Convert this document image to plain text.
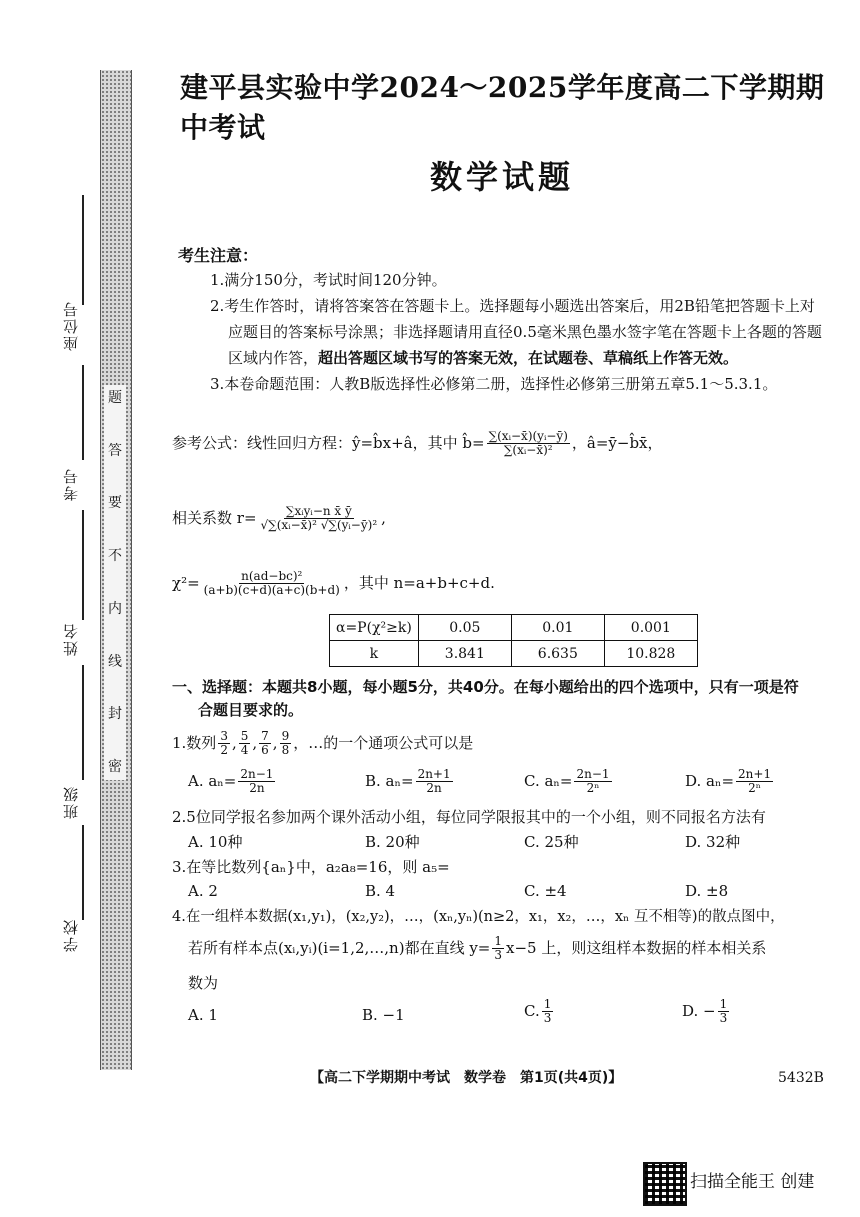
座位号
考号
姓名
班级
学校
题
答
要
不
内
线
封
密
建平县实验中学2024～2025学年度高二下学期期中考试
数学试题
考生注意：
1.满分150分，考试时间120分钟。
2.考生作答时，请将答案答在答题卡上。选择题每小题选出答案后，用2B铅笔把答题卡上对
应题目的答案标号涂黑；非选择题请用直径0.5毫米黑色墨水签字笔在答题卡上各题的答题
区域内作答，超出答题区域书写的答案无效，在试题卷、草稿纸上作答无效。
3.本卷命题范围：人教B版选择性必修第二册，选择性必修第三册第五章5.1～5.3.1。
参考公式：线性回归方程：ŷ=b̂x+â，其中 b̂= $\frac{\text{∑(xᵢ−x̄)(yᵢ−ȳ)}}{\text{∑(xᵢ−x̄)²}}$ ，â=ȳ−b̂x̄，
相关系数 $r= \frac{\text{∑xᵢyᵢ−n x̄ ȳ}}{\text{√∑(xᵢ−x̄)² √∑(yᵢ−ȳ)²}}$ ,
$\chi^2= \frac{\text{n(ad−bc)²}}{(a+b)(c+d)(a+c)(b+d)}$ ，其中 n=a+b+c+d.
α=P(χ²≥k)	0.05	0.01	0.001
k	3.841	6.635	10.828
一、选择题：本题共8小题，每小题5分，共40分。在每小题给出的四个选项中，只有一项是符
合题目要求的。
1.数列 $\frac{3}{2}$ , $\frac{5}{4}$ , $\frac{7}{6}$ , $\frac{9}{8}$ ，…的一个通项公式可以是
A. $a_n= \frac{2n-1}{2n}$	B. $a_n= \frac{2n+1}{2n}$	C. $a_n= \frac{2n-1}{\text{2ⁿ}}$	D. $a_n= \frac{2n+1}{\text{2ⁿ}}$
2.5位同学报名参加两个课外活动小组，每位同学限报其中的一个小组，则不同报名方法有
A. 10种	B. 20种	C. 25种	D. 32种
3.在等比数列{aₙ}中，a₂a₈=16，则 a₅=
A. 2	B. 4	C. ±4	D. ±8
4.在一组样本数据(x₁,y₁)，(x₂,y₂)，…，(xₙ,yₙ)(n≥2，x₁，x₂，…，xₙ 互不相等)的散点图中，
若所有样本点(xᵢ,yᵢ)(i=1,2,…,n)都在直线 $y= \frac{1}{3} x-5$ 上，则这组样本数据的样本相关系
数为
A. 1	B. −1	C. $\frac{1}{3}$	D. − $\frac{1}{3}$
【高二下学期期中考试　数学卷　第1页(共4页)】	5432B
扫描全能王 创建
